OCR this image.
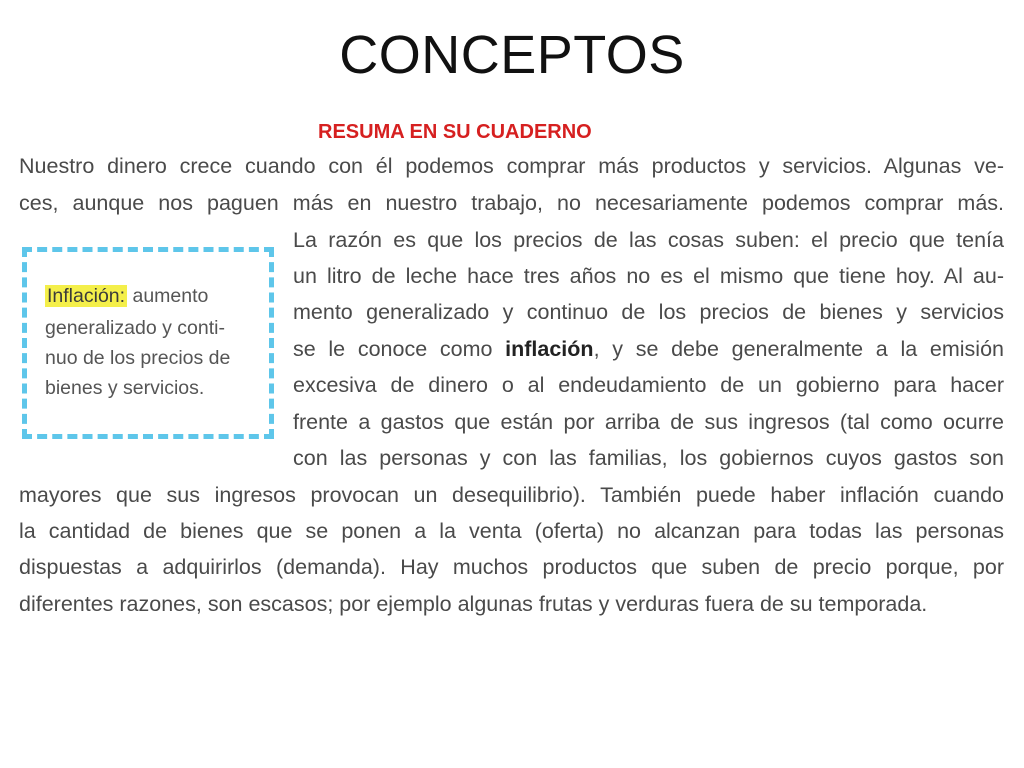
CONCEPTOS
RESUMA EN SU CUADERNO
Nuestro dinero crece cuando con él podemos comprar más productos y servicios. Algunas ve-
ces, aunque nos paguen más en nuestro trabajo, no necesariamente podemos comprar más.
La razón es que los precios de las cosas suben: el precio que tenía
un litro de leche hace tres años no es el mismo que tiene hoy. Al au-
mento generalizado y continuo de los precios de bienes y servicios
se le conoce como inflación, y se debe generalmente a la emisión
excesiva de dinero o al endeudamiento de un gobierno para hacer
frente a gastos que están por arriba de sus ingresos (tal como ocurre
con las personas y con las familias, los gobiernos cuyos gastos son
mayores que sus ingresos provocan un desequilibrio). También puede haber inflación cuando
la cantidad de bienes que se ponen a la venta (oferta) no alcanzan para todas las personas
dispuestas a adquirirlos (demanda). Hay muchos productos que suben de precio porque, por
diferentes razones, son escasos; por ejemplo algunas frutas y verduras fuera de su temporada.
Inflación: aumento
generalizado y conti-
nuo de los precios de
bienes y servicios.
